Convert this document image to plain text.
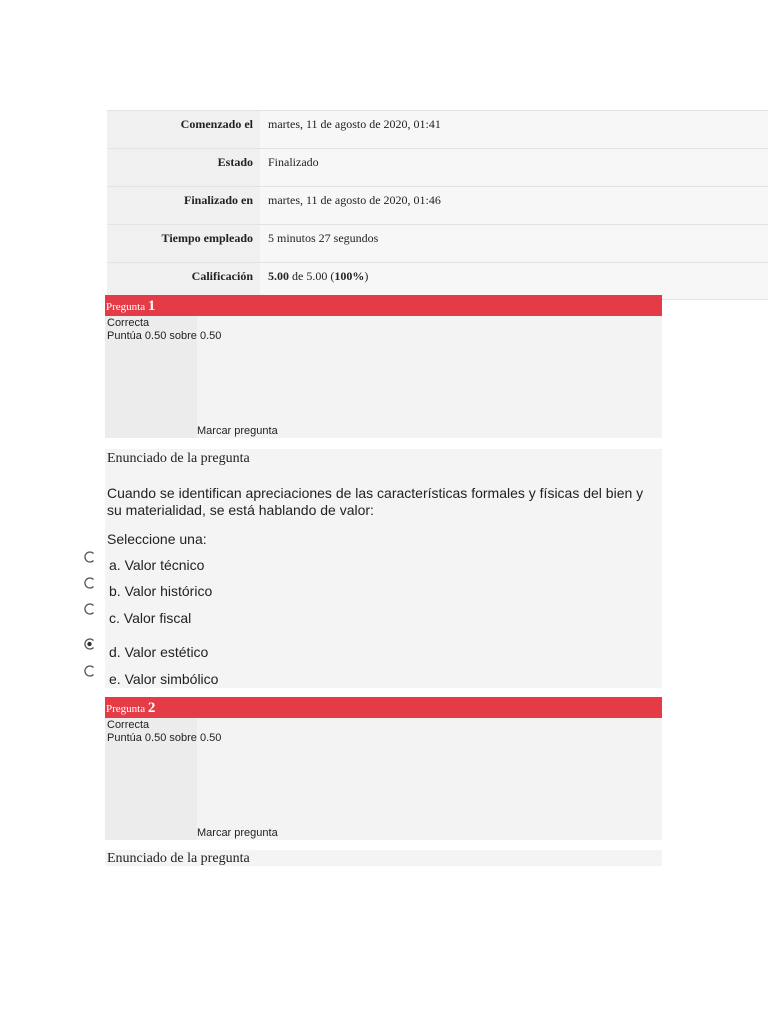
Comenzado el	martes, 11 de agosto de 2020, 01:41
Estado	Finalizado
Finalizado en	martes, 11 de agosto de 2020, 01:46
Tiempo empleado	5 minutos 27 segundos
Calificación	5.00 de 5.00 (100%)
Pregunta 1
Correcta
Puntúa 0.50 sobre 0.50
Marcar pregunta
Enunciado de la pregunta
Cuando se identifican apreciaciones de las características formales y físicas del bien y su materialidad, se está hablando de valor:
Seleccione una:
a. Valor técnico
b. Valor histórico
c. Valor fiscal
d. Valor estético
e. Valor simbólico
Pregunta 2
Correcta
Puntúa 0.50 sobre 0.50
Marcar pregunta
Enunciado de la pregunta
